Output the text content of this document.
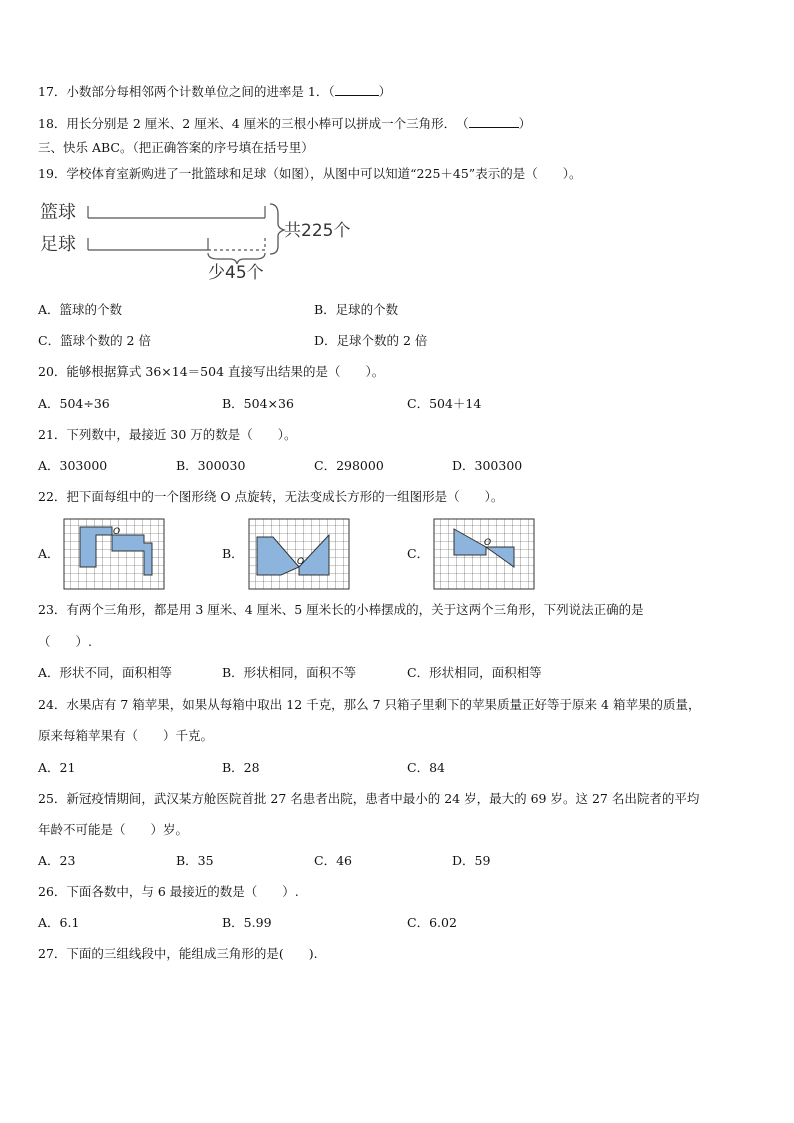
17．小数部分每相邻两个计数单位之间的进率是 1．（	）
18．用长分别是 2 厘米、2 厘米、4 厘米的三根小棒可以拼成一个三角形．　（	）
三、快乐 ABC。（把正确答案的序号填在括号里）
19．学校体育室新购进了一批篮球和足球（如图），从图中可以知道“225＋45”表示的是（　　）。
篮球
足球
共225个
少45个
A．篮球的个数	B．足球的个数
C．篮球个数的 2 倍	D．足球个数的 2 倍
20．能够根据算式 36×14＝504 直接写出结果的是（　　）。
A．504÷36	B．504×36	C．504＋14
21．下列数中，最接近 30 万的数是（　　）。
A．303000	B．300030	C．298000	D．300300
22．把下面每组中的一个图形绕 O 点旋转，无法变成长方形的一组图形是（　　）。
A．
O
B．
O
C．
O
23．有两个三角形，都是用 3 厘米、4 厘米、5 厘米长的小棒摆成的，关于这两个三角形，下列说法正确的是
（　　）.
A．形状不同，面积相等	B．形状相同，面积不等	C．形状相同，面积相等
24．水果店有 7 箱苹果，如果从每箱中取出 12 千克，那么 7 只箱子里剩下的苹果质量正好等于原来 4 箱苹果的质量，
原来每箱苹果有（　　）千克。
A．21	B．28	C．84
25．新冠疫情期间，武汉某方舱医院首批 27 名患者出院，患者中最小的 24 岁，最大的 69 岁。这 27 名出院者的平均
年龄不可能是（　　）岁。
A．23	B．35	C．46	D．59
26．下面各数中，与 6 最接近的数是（　　）.
A．6.1	B．5.99	C．6.02
27．下面的三组线段中，能组成三角形的是(　　).
